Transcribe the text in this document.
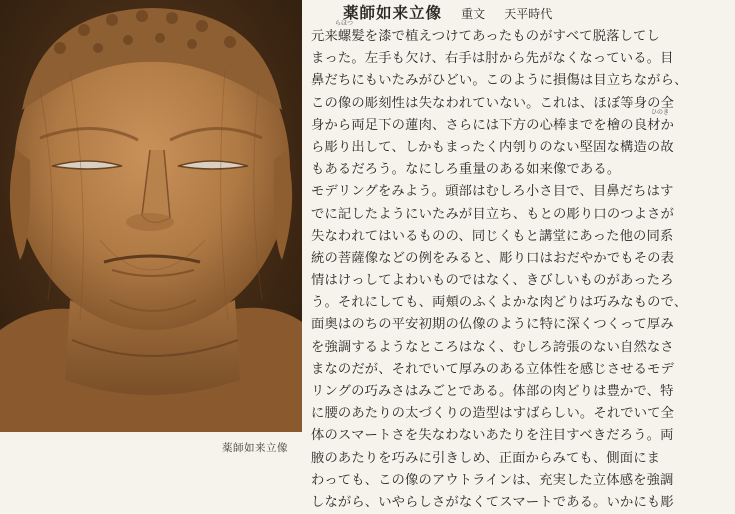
薬師如来立像
薬師如来立像 重文 天平時代
らほつ
元来螺髪を漆で植えつけてあったものがすべて脱落してし
まった。左手も欠け、右手は肘から先がなくなっている。目
鼻だちにもいたみがひどい。このように損傷は目立ちながら、
この像の彫刻性は失なわれていない。これは、ほぼ等身の全
ひのき
身から両足下の蓮肉、さらには下方の心棒までを檜の良材か
ら彫り出して、しかもまったく内刳りのない堅固な構造の故
もあるだろう。なにしろ重量のある如来像である。
モデリングをみよう。頭部はむしろ小さ目で、目鼻だちはす
でに記したようにいたみが目立ち、もとの彫り口のつよさが
失なわれてはいるものの、同じくもと講堂にあった他の同系
統の菩薩像などの例をみると、彫り口はおだやかでもその表
情はけっしてよわいものではなく、きびしいものがあったろ
う。それにしても、両頬のふくよかな肉どりは巧みなもので、
面奥はのちの平安初期の仏像のように特に深くつくって厚み
を強調するようなところはなく、むしろ誇張のない自然なさ
まなのだが、それでいて厚みのある立体性を感じさせるモデ
リングの巧みさはみごとである。体部の肉どりは豊かで、特
に腰のあたりの太づくりの造型はすばらしい。それでいて全
体のスマートさを失なわないあたりを注目すべきだろう。両
腋のあたりを巧みに引きしめ、正面からみても、側面にま
わっても、この像のアウトラインは、充実した立体感を強調
しながら、いやらしさがなくてスマートである。いかにも彫
